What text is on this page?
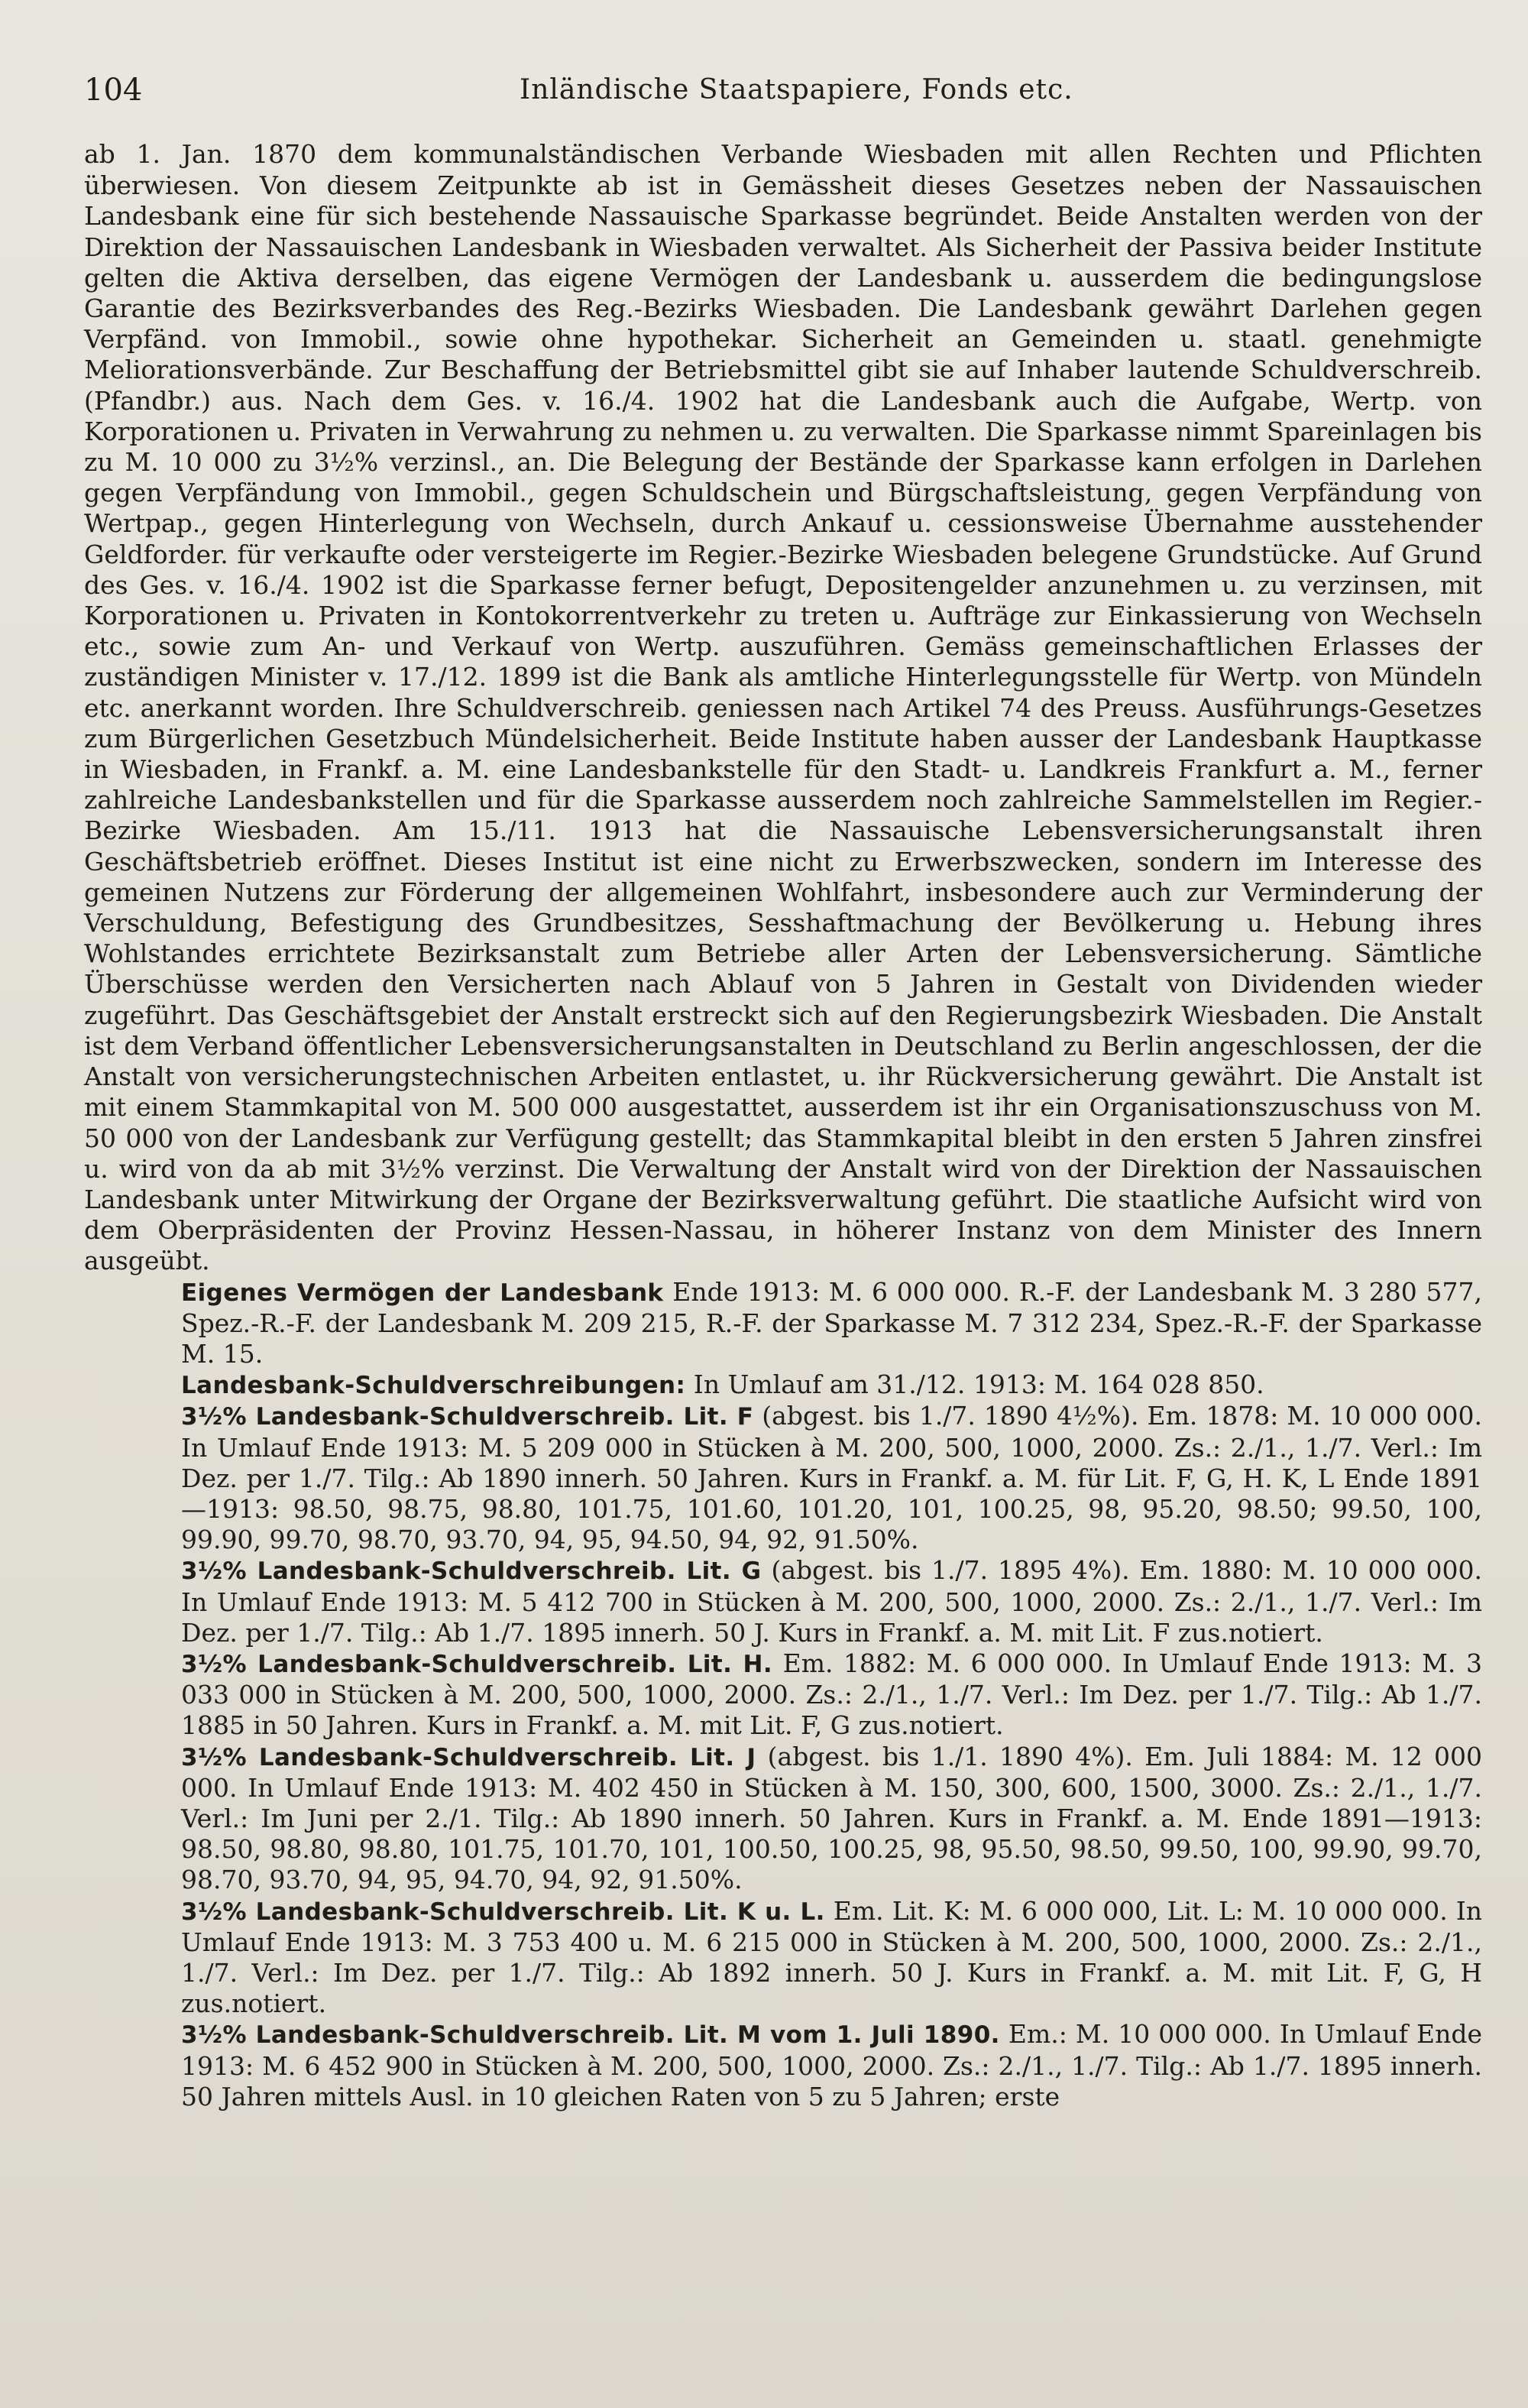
104	Inländische Staatspapiere, Fonds etc.

ab 1. Jan. 1870 dem kommunalständischen Verbande Wiesbaden mit allen Rechten und Pflichten überwiesen. Von diesem Zeitpunkte ab ist in Gemässheit dieses Gesetzes neben der Nassauischen Landesbank eine für sich bestehende Nassauische Sparkasse begründet. Beide Anstalten werden von der Direktion der Nassauischen Landesbank in Wiesbaden verwaltet. Als Sicherheit der Passiva beider Institute gelten die Aktiva derselben, das eigene Vermögen der Landesbank u. ausserdem die bedingungslose Garantie des Bezirksverbandes des Reg.-Bezirks Wiesbaden. Die Landesbank gewährt Darlehen gegen Verpfänd. von Immobil., sowie ohne hypothekar. Sicherheit an Gemeinden u. staatl. genehmigte Meliorationsverbände. Zur Beschaffung der Betriebsmittel gibt sie auf Inhaber lautende Schuldverschreib. (Pfandbr.) aus. Nach dem Ges. v. 16./4. 1902 hat die Landesbank auch die Aufgabe, Wertp. von Korporationen u. Privaten in Verwahrung zu nehmen u. zu verwalten. Die Sparkasse nimmt Spareinlagen bis zu M. 10 000 zu 3½% verzinsl., an. Die Belegung der Bestände der Sparkasse kann erfolgen in Darlehen gegen Verpfändung von Immobil., gegen Schuldschein und Bürgschaftsleistung, gegen Verpfändung von Wertpap., gegen Hinterlegung von Wechseln, durch Ankauf u. cessionsweise Übernahme ausstehender Geldforder. für verkaufte oder versteigerte im Regier.-Bezirke Wiesbaden belegene Grundstücke. Auf Grund des Ges. v. 16./4. 1902 ist die Sparkasse ferner befugt, Depositengelder anzunehmen u. zu verzinsen, mit Korporationen u. Privaten in Kontokorrentverkehr zu treten u. Aufträge zur Einkassierung von Wechseln etc., sowie zum An- und Verkauf von Wertp. auszuführen. Gemäss gemeinschaftlichen Erlasses der zuständigen Minister v. 17./12. 1899 ist die Bank als amtliche Hinterlegungsstelle für Wertp. von Mündeln etc. anerkannt worden. Ihre Schuldverschreib. geniessen nach Artikel 74 des Preuss. Ausführungs-Gesetzes zum Bürgerlichen Gesetzbuch Mündelsicherheit. Beide Institute haben ausser der Landesbank Hauptkasse in Wiesbaden, in Frankf. a. M. eine Landesbankstelle für den Stadt- u. Landkreis Frankfurt a. M., ferner zahlreiche Landesbankstellen und für die Sparkasse ausserdem noch zahlreiche Sammelstellen im Regier.-Bezirke Wiesbaden. Am 15./11. 1913 hat die Nassauische Lebensversicherungsanstalt ihren Geschäftsbetrieb eröffnet. Dieses Institut ist eine nicht zu Erwerbszwecken, sondern im Interesse des gemeinen Nutzens zur Förderung der allgemeinen Wohlfahrt, insbesondere auch zur Verminderung der Verschuldung, Befestigung des Grundbesitzes, Sesshaftmachung der Bevölkerung u. Hebung ihres Wohlstandes errichtete Bezirksanstalt zum Betriebe aller Arten der Lebensversicherung. Sämtliche Überschüsse werden den Versicherten nach Ablauf von 5 Jahren in Gestalt von Dividenden wieder zugeführt. Das Geschäftsgebiet der Anstalt erstreckt sich auf den Regierungsbezirk Wiesbaden. Die Anstalt ist dem Verband öffentlicher Lebensversicherungsanstalten in Deutschland zu Berlin angeschlossen, der die Anstalt von versicherungstechnischen Arbeiten entlastet, u. ihr Rückversicherung gewährt. Die Anstalt ist mit einem Stammkapital von M. 500 000 ausgestattet, ausserdem ist ihr ein Organisationszuschuss von M. 50 000 von der Landesbank zur Verfügung gestellt; das Stammkapital bleibt in den ersten 5 Jahren zinsfrei u. wird von da ab mit 3½% verzinst. Die Verwaltung der Anstalt wird von der Direktion der Nassauischen Landesbank unter Mitwirkung der Organe der Bezirksverwaltung geführt. Die staatliche Aufsicht wird von dem Oberpräsidenten der Provinz Hessen-Nassau, in höherer Instanz von dem Minister des Innern ausgeübt.

Eigenes Vermögen der Landesbank Ende 1913: M. 6 000 000. R.-F. der Landesbank M. 3 280 577, Spez.-R.-F. der Landesbank M. 209 215, R.-F. der Sparkasse M. 7 312 234, Spez.-R.-F. der Sparkasse M. 15.

Landesbank-Schuldverschreibungen: In Umlauf am 31./12. 1913: M. 164 028 850.

3½% Landesbank-Schuldverschreib. Lit. F (abgest. bis 1./7. 1890 4½%). Em. 1878: M. 10 000 000. In Umlauf Ende 1913: M. 5 209 000 in Stücken à M. 200, 500, 1000, 2000. Zs.: 2./1., 1./7. Verl.: Im Dez. per 1./7. Tilg.: Ab 1890 innerh. 50 Jahren. Kurs in Frankf. a. M. für Lit. F, G, H. K, L Ende 1891—1913: 98.50, 98.75, 98.80, 101.75, 101.60, 101.20, 101, 100.25, 98, 95.20, 98.50; 99.50, 100, 99.90, 99.70, 98.70, 93.70, 94, 95, 94.50, 94, 92, 91.50%.

3½% Landesbank-Schuldverschreib. Lit. G (abgest. bis 1./7. 1895 4%). Em. 1880: M. 10 000 000. In Umlauf Ende 1913: M. 5 412 700 in Stücken à M. 200, 500, 1000, 2000. Zs.: 2./1., 1./7. Verl.: Im Dez. per 1./7. Tilg.: Ab 1./7. 1895 innerh. 50 J. Kurs in Frankf. a. M. mit Lit. F zus.notiert.

3½% Landesbank-Schuldverschreib. Lit. H. Em. 1882: M. 6 000 000. In Umlauf Ende 1913: M. 3 033 000 in Stücken à M. 200, 500, 1000, 2000. Zs.: 2./1., 1./7. Verl.: Im Dez. per 1./7. Tilg.: Ab 1./7. 1885 in 50 Jahren. Kurs in Frankf. a. M. mit Lit. F, G zus.notiert.

3½% Landesbank-Schuldverschreib. Lit. J (abgest. bis 1./1. 1890 4%). Em. Juli 1884: M. 12 000 000. In Umlauf Ende 1913: M. 402 450 in Stücken à M. 150, 300, 600, 1500, 3000. Zs.: 2./1., 1./7. Verl.: Im Juni per 2./1. Tilg.: Ab 1890 innerh. 50 Jahren. Kurs in Frankf. a. M. Ende 1891—1913: 98.50, 98.80, 98.80, 101.75, 101.70, 101, 100.50, 100.25, 98, 95.50, 98.50, 99.50, 100, 99.90, 99.70, 98.70, 93.70, 94, 95, 94.70, 94, 92, 91.50%.

3½% Landesbank-Schuldverschreib. Lit. K u. L. Em. Lit. K: M. 6 000 000, Lit. L: M. 10 000 000. In Umlauf Ende 1913: M. 3 753 400 u. M. 6 215 000 in Stücken à M. 200, 500, 1000, 2000. Zs.: 2./1., 1./7. Verl.: Im Dez. per 1./7. Tilg.: Ab 1892 innerh. 50 J. Kurs in Frankf. a. M. mit Lit. F, G, H zus.notiert.

3½% Landesbank-Schuldverschreib. Lit. M vom 1. Juli 1890. Em.: M. 10 000 000. In Umlauf Ende 1913: M. 6 452 900 in Stücken à M. 200, 500, 1000, 2000. Zs.: 2./1., 1./7. Tilg.: Ab 1./7. 1895 innerh. 50 Jahren mittels Ausl. in 10 gleichen Raten von 5 zu 5 Jahren; erste
